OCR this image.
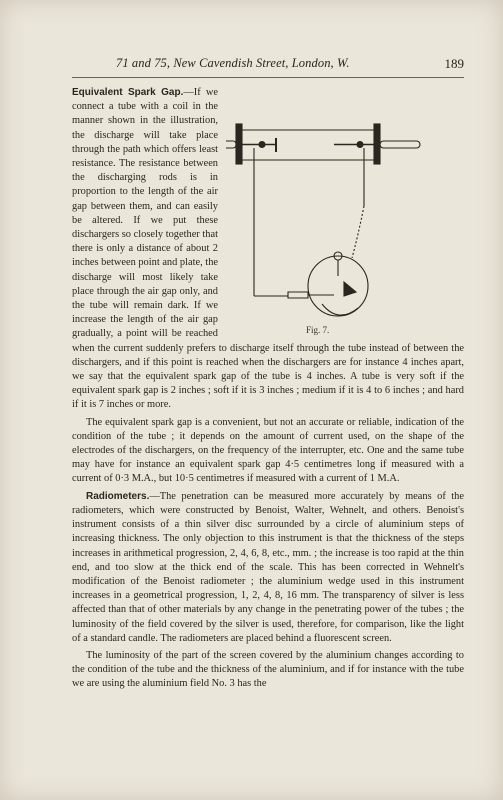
71 and 75, New Cavendish Street, London, W.	189
Fig. 7.

Equivalent Spark Gap.—If we connect a tube with a coil in the manner shown in the illustration, the discharge will take place through the path which offers least resistance. The resistance between the discharging rods is in proportion to the length of the air gap between them, and can easily be altered. If we put these dischargers so closely together that there is only a distance of about 2 inches between point and plate, the discharge will most likely take place through the air gap only, and the tube will remain dark. If we increase the length of the air gap gradually, a point will be reached when the current suddenly prefers to discharge itself through the tube instead of between the dischargers, and if this point is reached when the dischargers are for instance 4 inches apart, we say that the equivalent spark gap of the tube is 4 inches. A tube is very soft if the equivalent spark gap is 2 inches ; soft if it is 3 inches ; medium if it is 4 to 6 inches ; and hard if it is 7 inches or more.

The equivalent spark gap is a convenient, but not an accurate or reliable, indication of the condition of the tube ; it depends on the amount of current used, on the shape of the electrodes of the dischargers, on the frequency of the interrupter, etc. One and the same tube may have for instance an equivalent spark gap 4·5 centimetres long if measured with a current of 0·3 M.A., but 10·5 centimetres if measured with a current of 1 M.A.

Radiometers.—The penetration can be measured more accurately by means of the radiometers, which were constructed by Benoist, Walter, Wehnelt, and others. Benoist's instrument consists of a thin silver disc surrounded by a circle of aluminium steps of increasing thickness. The only objection to this instrument is that the thickness of the steps increases in arithmetical progression, 2, 4, 6, 8, etc., mm. ; the increase is too rapid at the thin end, and too slow at the thick end of the scale. This has been corrected in Wehnelt's modification of the Benoist radiometer ; the aluminium wedge used in this instrument increases in a geometrical progression, 1, 2, 4, 8, 16 mm. The transparency of silver is less affected than that of other materials by any change in the penetrating power of the tubes ; the luminosity of the field covered by the silver is used, therefore, for comparison, like the light of a standard candle. The radiometers are placed behind a fluorescent screen.

The luminosity of the part of the screen covered by the aluminium changes according to the condition of the tube and the thickness of the aluminium, and if for instance with the tube we are using the aluminium field No. 3 has the
